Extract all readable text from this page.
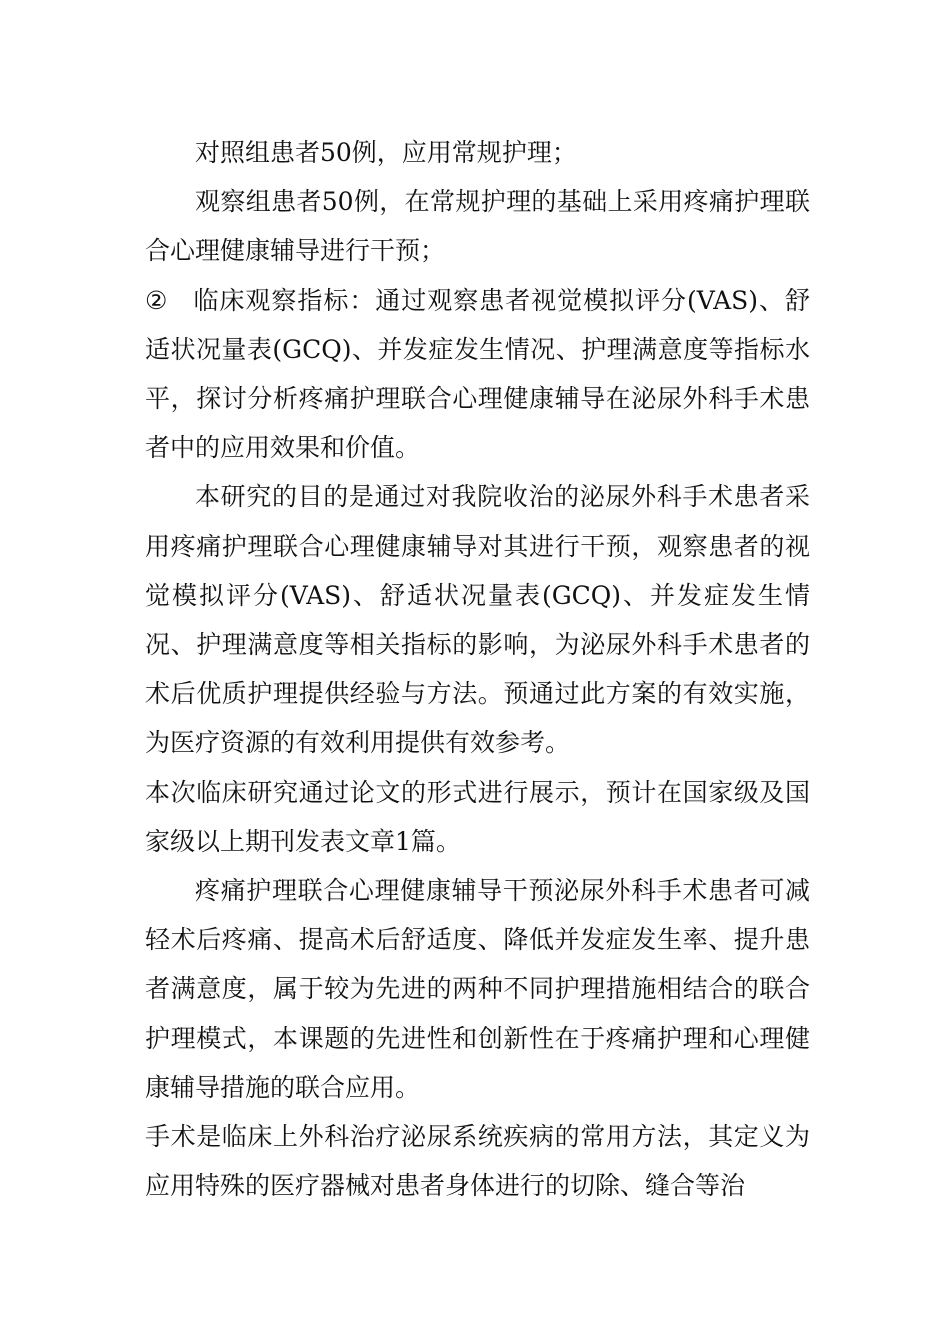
对照组患者50例，应用常规护理；

观察组患者50例，在常规护理的基础上采用疼痛护理联合心理健康辅导进行干预；

② 临床观察指标：通过观察患者视觉模拟评分(VAS)、舒适状况量表(GCQ)、并发症发生情况、护理满意度等指标水平，探讨分析疼痛护理联合心理健康辅导在泌尿外科手术患者中的应用效果和价值。

本研究的目的是通过对我院收治的泌尿外科手术患者采用疼痛护理联合心理健康辅导对其进行干预，观察患者的视觉模拟评分(VAS)、舒适状况量表(GCQ)、并发症发生情况、护理满意度等相关指标的影响，为泌尿外科手术患者的术后优质护理提供经验与方法。预通过此方案的有效实施，为医疗资源的有效利用提供有效参考。

本次临床研究通过论文的形式进行展示，预计在国家级及国家级以上期刊发表文章1篇。

疼痛护理联合心理健康辅导干预泌尿外科手术患者可减轻术后疼痛、提高术后舒适度、降低并发症发生率、提升患者满意度，属于较为先进的两种不同护理措施相结合的联合护理模式，本课题的先进性和创新性在于疼痛护理和心理健康辅导措施的联合应用。

手术是临床上外科治疗泌尿系统疾病的常用方法，其定义为应用特殊的医疗器械对患者身体进行的切除、缝合等治
